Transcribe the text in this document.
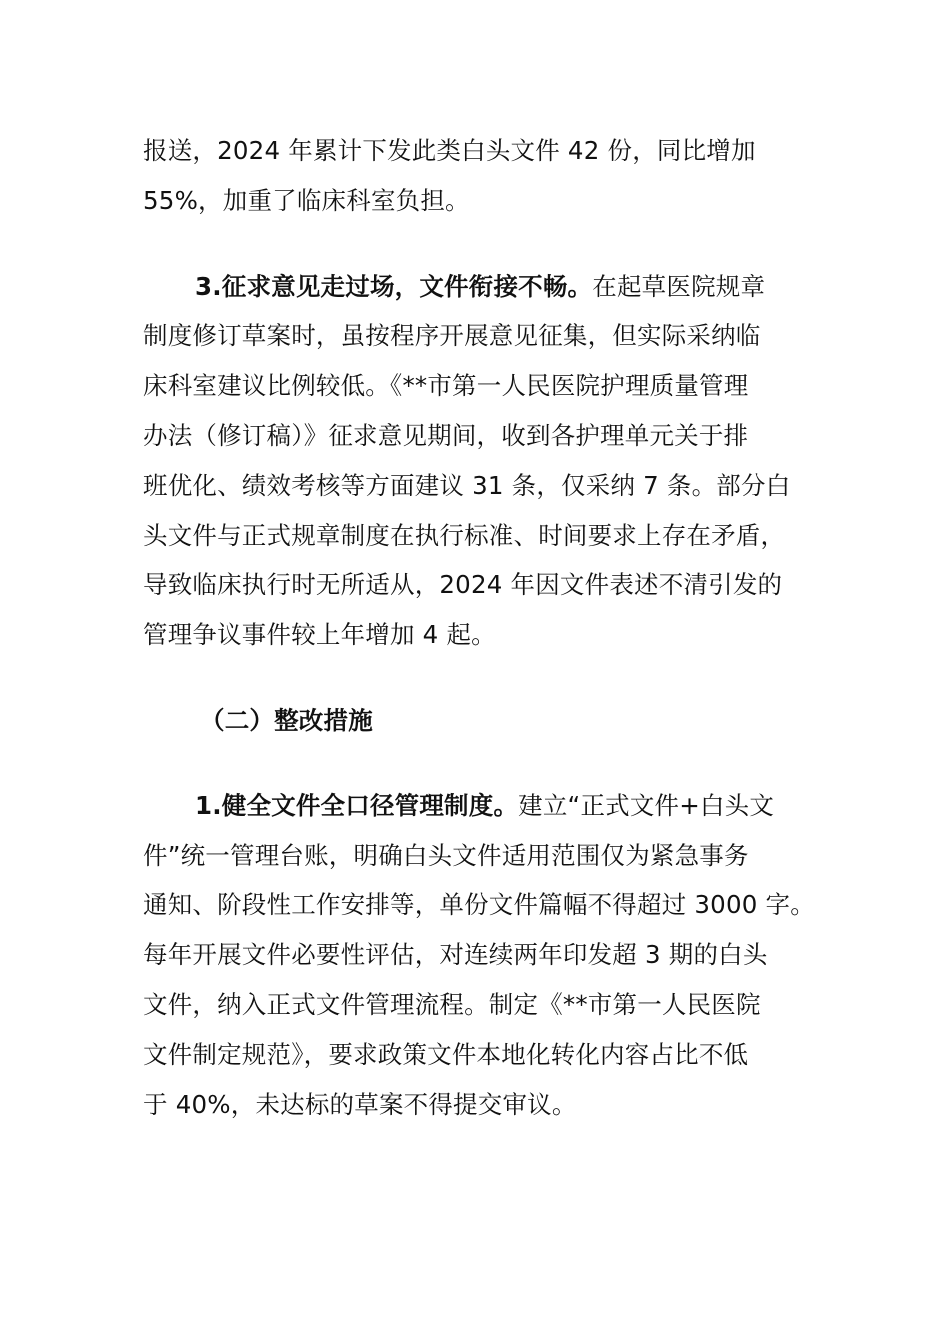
报送，2024 年累计下发此类白头文件 42 份，同比增加
55%，加重了临床科室负担。
3.征求意见走过场，文件衔接不畅。在起草医院规章
制度修订草案时，虽按程序开展意见征集，但实际采纳临
床科室建议比例较低。《**市第一人民医院护理质量管理
办法（修订稿）》征求意见期间，收到各护理单元关于排
班优化、绩效考核等方面建议 31 条，仅采纳 7 条。部分白
头文件与正式规章制度在执行标准、时间要求上存在矛盾，
导致临床执行时无所适从，2024 年因文件表述不清引发的
管理争议事件较上年增加 4 起。
（二）整改措施
1.健全文件全口径管理制度。建立“正式文件+白头文
件”统一管理台账，明确白头文件适用范围仅为紧急事务
通知、阶段性工作安排等，单份文件篇幅不得超过 3000 字。
每年开展文件必要性评估，对连续两年印发超 3 期的白头
文件，纳入正式文件管理流程。制定《**市第一人民医院
文件制定规范》，要求政策文件本地化转化内容占比不低
于 40%，未达标的草案不得提交审议。
